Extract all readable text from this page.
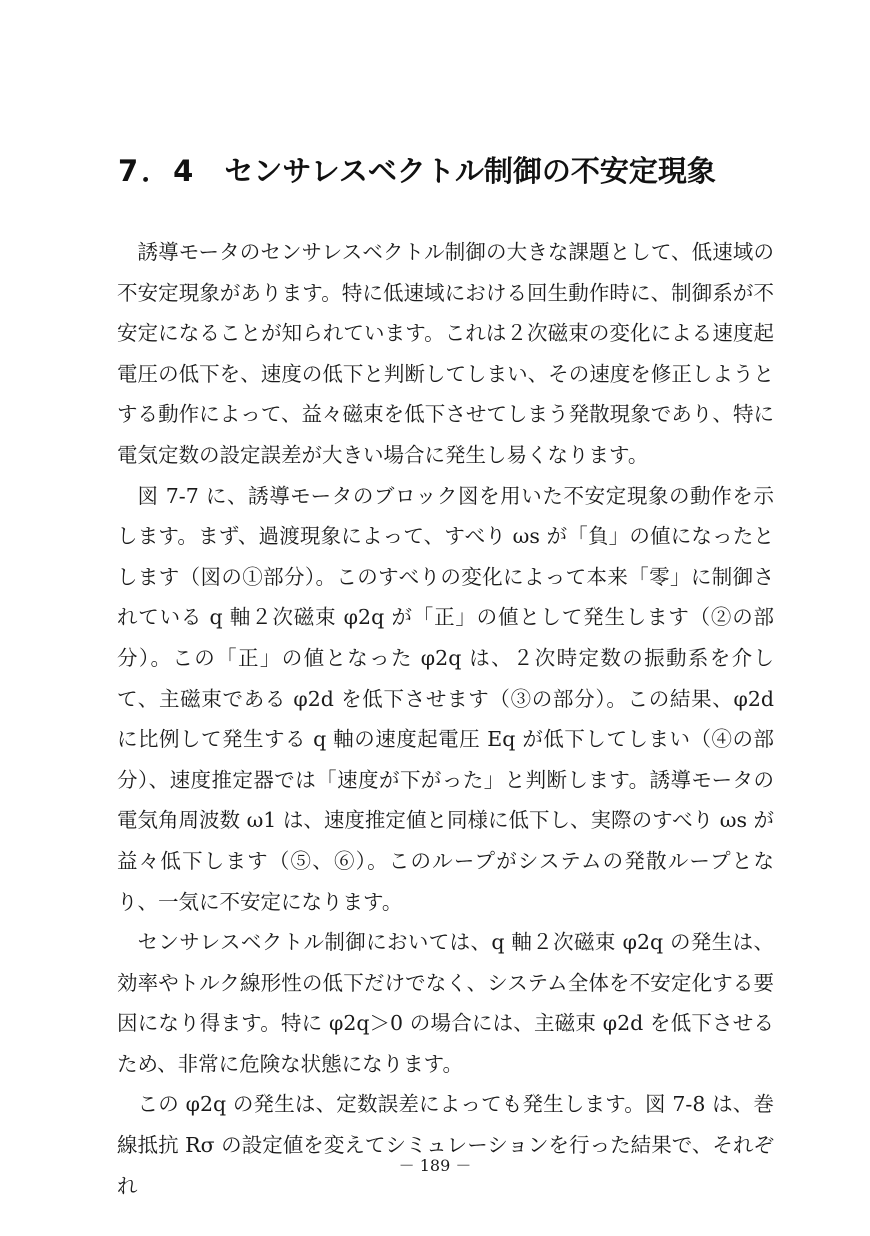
7．4 センサレスベクトル制御の不安定現象

誘導モータのセンサレスベクトル制御の大きな課題として、低速域の不安定現象があります。特に低速域における回生動作時に、制御系が不安定になることが知られています。これは２次磁束の変化による速度起電圧の低下を、速度の低下と判断してしまい、その速度を修正しようとする動作によって、益々磁束を低下させてしまう発散現象であり、特に電気定数の設定誤差が大きい場合に発生し易くなります。

図 7-7 に、誘導モータのブロック図を用いた不安定現象の動作を示します。まず、過渡現象によって、すべり ωs が「負」の値になったとします（図の①部分）。このすべりの変化によって本来「零」に制御されている q 軸２次磁束 φ2q が「正」の値として発生します（②の部分）。この「正」の値となった φ2q は、２次時定数の振動系を介して、主磁束である φ2d を低下させます（③の部分）。この結果、φ2d に比例して発生する q 軸の速度起電圧 Eq が低下してしまい（④の部分）、速度推定器では「速度が下がった」と判断します。誘導モータの電気角周波数 ω1 は、速度推定値と同様に低下し、実際のすべり ωs が益々低下します（⑤、⑥）。このループがシステムの発散ループとなり、一気に不安定になります。

センサレスベクトル制御においては、q 軸２次磁束 φ2q の発生は、効率やトルク線形性の低下だけでなく、システム全体を不安定化する要因になり得ます。特に φ2q＞0 の場合には、主磁束 φ2d を低下させるため、非常に危険な状態になります。

この φ2q の発生は、定数誤差によっても発生します。図 7-8 は、巻線抵抗 Rσ の設定値を変えてシミュレーションを行った結果で、それぞれ

－ 189 －
